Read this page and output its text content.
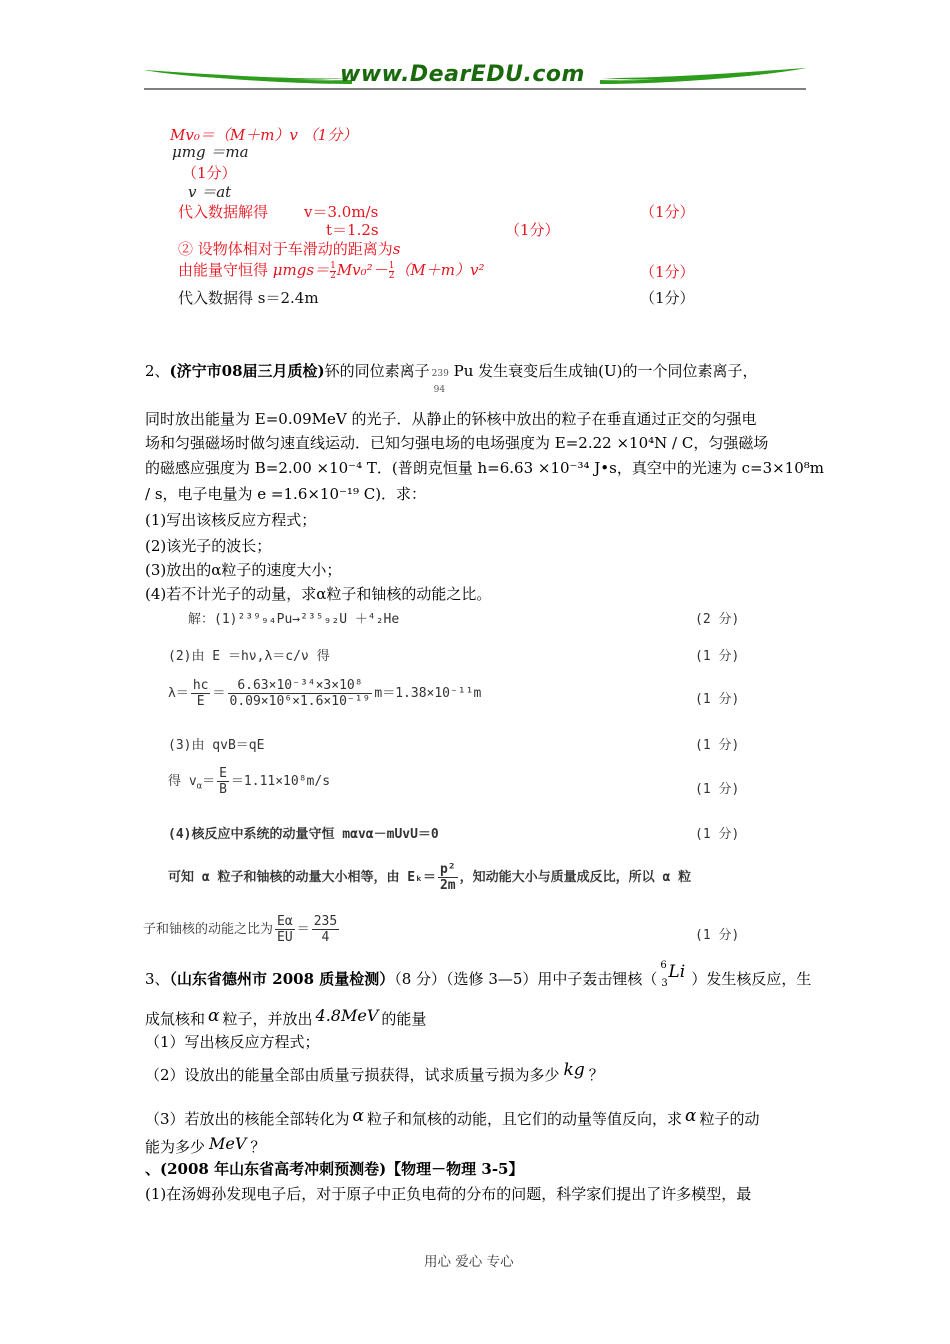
www.DearEDU.com
Mv₀＝（M＋m）v （1分）
μmg ＝ma
（1分）
v ＝at
代入数据解得 v＝3.0m/s	（1分）
t＝1.2s	（1分）
② 设物体相对于车滑动的距离为s
由能量守恒得 $\mu mgs= \frac{1}{2} Mv_0^2- \frac{1}{2} (M+m)v^2$	（1分）
代入数据得 s＝2.4m	（1分）
2、(济宁市08届三月质检)钚的同位素离子 239
94
Pu 发生衰变后生成铀(U)的一个同位素离子，
同时放出能量为 E=0.09MeV 的光子．从静止的钚核中放出的粒子在垂直通过正交的匀强电
场和匀强磁场时做匀速直线运动．已知匀强电场的电场强度为 E=2.22 ×10⁴N / C，匀强磁场
的磁感应强度为 B=2.00 ×10⁻⁴ T．(普朗克恒量 h=6.63 ×10⁻³⁴ J•s，真空中的光速为 c=3×10⁸m
/ s，电子电量为 e =1.6×10⁻¹⁹ C)．求：
(1)写出该核反应方程式；
(2)该光子的波长；
(3)放出的α粒子的速度大小；
(4)若不计光子的动量，求α粒子和铀核的动能之比。
解：(1)²³⁹₉₄Pu→²³⁵₉₂U ＋⁴₂He	(2 分)
(2)由 E ＝hν,λ＝c/ν 得	(1 分)
$\lambda= \frac{hc}{E} = \frac{\text{6.63×10⁻³⁴×3×10⁸}}{\text{0.09×10⁶×1.6×10⁻¹⁹}} m=1.38\times 10^{-11}m$	(1 分)
(3)由 qvB＝qE	(1 分)
得 $v_\alpha= \frac{E}{B} =1.11\times 10^8m/s$
(1 分)
(4)核反应中系统的动量守恒 mαvα－mUvU＝0	(1 分)
可知 α 粒子和铀核的动量大小相等，由 $E_k= \frac{\text{p²}}{2m}$ ，知动能大小与质量成反比，所以 α 粒
子和铀核的动能之比为 $\frac{E\alpha}{EU} = \frac{235}{4}$	(1 分)
3、（山东省德州市 2008 质量检测）（8 分）（选修 3—5）用中子轰击锂核（
6
3
Li ）发生核反应，生
成氚核和 α 粒子，并放出 4.8MeV 的能量
（1）写出核反应方程式；
（2）设放出的能量全部由质量亏损获得，试求质量亏损为多少 kg ？
（3）若放出的核能全部转化为 α 粒子和氚核的动能，且它们的动量等值反向，求 α 粒子的动
能为多少 MeV ？
、(2008 年山东省高考冲刺预测卷)【物理－物理 3-5】
(1)在汤姆孙发现电子后，对于原子中正负电荷的分布的问题，科学家们提出了许多模型，最
用心 爱心 专心
